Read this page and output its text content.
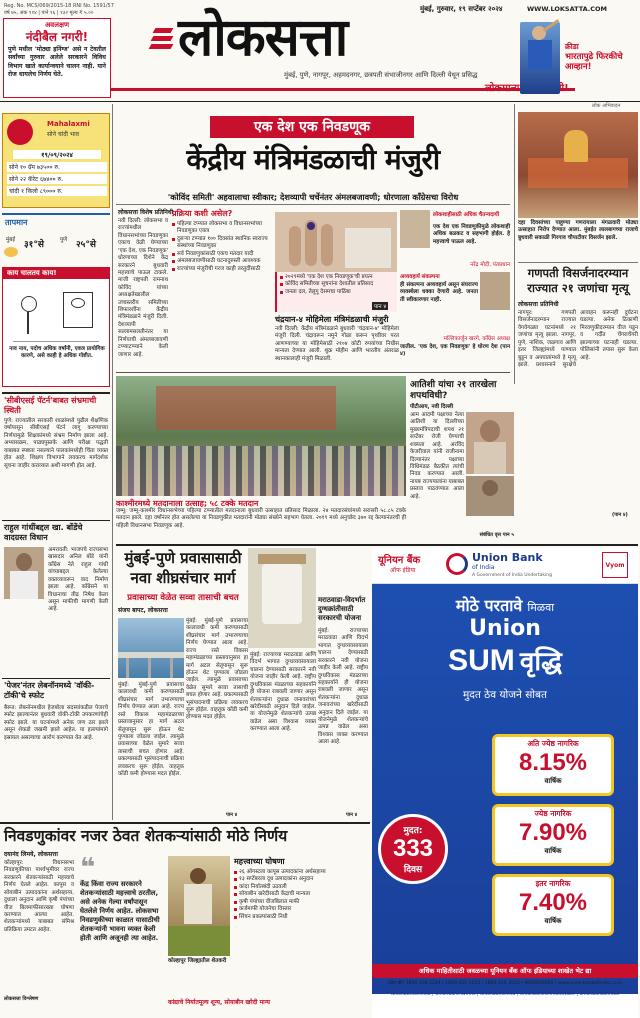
Reg. No. MCS/069/2015-18 RNI No. 1591/57
वर्ष ७५, अंक ११४ | पाने १६ | १३२ मूल्य ₹ ५.००	मुंबई, गुरुवार, १९ सप्टेंबर २०२४	WWW.LOKSATTA.COM
अवलक्षण
नंदीबैल नगरी!
पुणे मधील 'मोठ्या इनिंग्ज' असे न टेवतील सर्वांच्या गुरुवार अलेले सरकारने विविध विभाग खाते कार्यान्वयाने चालन नाही. याने रोज धायलेच निर्णय घेते.
लोकसत्ता
मुंबई, पुणे, नागपूर, अहमदनगर, छत्रपती संभाजीनगर आणि दिल्ली येथून प्रसिद्ध
क्रीडा
भारतापुढे फिरकीचे आव्हान!
लोक अभिवादन
Mahalaxmi
सोने चांदी भाव
१९/०९/२०२४
सोने १० ग्रॅम ७३५०० रु.
सोने २२ कॅरेट ६७४०० रु.
चांदी १ किलो ८९००० रु.
तापमान
मुंबई ३१°से	पुणे २५°से
काय चालतय काय!
नाव नाय, पदोच अधिक वर्षांनी, एकत्र प्रायोगिक कारणे, असे काही हे अधिक गोष्टीत.
'सीबीएसई पॅटर्न'बाबत संभ्रमाची स्थिती
पुणे: राज्यातील सरकारी शाळांमध्ये पुढील शैक्षणिक वर्षापासून सीबीएसई पॅटर्न लागू करण्याच्या निर्णयामुळे शिक्षकांमध्ये संभ्रम निर्माण झाला आहे. अभ्यासक्रम, पाठ्यपुस्तके आणि परीक्षा पद्धती याबाबत स्पष्टता नसल्याने पालकांमध्येही चिंता व्यक्त होत आहे. शिक्षण विभागाने लवकरच मार्गदर्शक सूचना जाहीर कराव्यात अशी मागणी होत आहे.
राहुल गांधींबद्दल खा. बोंडेंचे वादग्रस्त विधान
अमरावती: भाजपचे राज्यसभा खासदार अनिल बोंडे यांनी काँग्रेस नेते राहुल गांधी यांच्याबद्दल केलेल्या वक्तव्यावरून वाद निर्माण झाला आहे. काँग्रेसने या विधानाचा तीव्र निषेध केला असून माफीची मागणी केली आहे.
'पेजर'नंतर लेबनॉनमध्ये 'वॉकी-टॉकी'चे स्फोट
बैरूत: लेबनॉनमधील हेजबोला सदस्यांकडील पेजरचे स्फोट झाल्यानंतर बुधवारी वॉकी-टॉकी उपकरणांचेही स्फोट झाले. या घटनांमध्ये अनेक जण ठार झाले असून शेकडो जखमी झाले आहेत. या हल्ल्यांमागे इस्रायल असल्याचा आरोप करण्यात येत आहे.
एक देश एक निवडणूक
केंद्रीय मंत्रिमंडळाची मंजुरी
'कोविंद समिती' अहवालाचा स्वीकार; देशव्यापी चर्चेनंतर अंमलबजावणी; धोरणाला काँग्रेसचा विरोध
लोकसत्ता विशेष प्रतिनिधी
नवी दिल्ली: लोकसभा व राज्यांमधील विधानसभांच्या निवडणुका एकाच वेळी घेण्याच्या 'एक देश, एक निवडणूक' धोरणाच्या दिशेने केंद्र सरकारने बुधवारी महत्त्वाचे पाऊल टाकले. माजी राष्ट्रपती रामनाथ कोविंद यांच्या अध्यक्षतेखालील उच्चस्तरीय समितीच्या शिफारशींना केंद्रीय मंत्रिमंडळाने मंजुरी दिली. देशव्यापी सल्लामसलतीनंतर या निर्णयाची अंमलबजावणी टप्प्याटप्प्याने केली जाणार आहे.
प्रक्रिया कशी असेल?
पहिल्या टप्प्यात लोकसभा व विधानसभांच्या निवडणुका एकत्र
दुसऱ्या टप्प्यात १०० दिवसांत स्थानिक स्वराज्य संस्थांच्या निवडणुका
सर्व निवडणुकांसाठी एकच मतदार यादी
अंमलबजावणीसाठी घटनादुरुस्ती आवश्यक
राज्यांच्या मंजुरीची गरज काही तरतुदींसाठी
लोकशाहीसाठी अधिक चैतन्यदायी
एक देश एक निवडणुकीमुळे लोकशाही अधिक बळकट व सहभागी होईल. हे महत्त्वाचे पाऊल आहे.
नरेंद्र मोदी, पंतप्रधान
२०२९मध्ये 'एक देश एक निवडणूक'ची प्रयत्न
कोविंद समितीच्या सूचनांना देशातील प्रतिसाद
जनता दल, तेलुगू देसमचा पाठिंबा
पान ४
अव्यवहार्य संकल्पना
ही संकल्पना अव्यवहार्य असून संघराज्य व्यवस्थेला धक्का देणारी आहे. जनता ती स्वीकारणार नाही.
मल्लिकार्जुन खरगे, काँग्रेस अध्यक्ष
चंद्रयान-४ मोहिमेला मंत्रिमंडळाची मंजुरी
नवी दिल्ली: केंद्रीय मंत्रिमंडळाने बुधवारी 'चंद्रयान-४' मोहिमेला मंजुरी दिली. चंद्रावरून नमुने गोळा करून पृथ्वीवर परत आणण्याच्या या मोहिमेसाठी २१०४ कोटी रुपयांच्या निधीस मान्यता देण्यात आली. शुक्र मोहीम आणि भारतीय अंतराळ स्थानकालाही मंजुरी मिळाली.
जातील. 'एक देश, एक निवडणूक' हे धोरण देश (पान ४)
दहा दिवसांच्या पाहुण्या गणरायाला मंगळवारी मोठ्या उत्साहात निरोप देण्यात आला. मुंबईत लालबागच्या राजाचे बुधवारी सकाळी गिरगाव चौपाटीवर विसर्जन झाले.
गणपती विसर्जनादरम्यान राज्यात २१ जणांचा मृत्यू
लोकसत्ता प्रतिनिधी
नागपूर: गणपती विसर्जनादरम्यान राज्यात वेगवेगळ्या घटनांमध्ये २१ जणांचा मृत्यू झाला. नागपूर, पुणे, नाशिक, जळगाव आणि इतर जिल्ह्यांमध्ये पाण्यात बुडून व अपघातांमध्ये हे मृत्यू झाले. प्रशासनाने सुरक्षेचे आवाहन करूनही दुर्घटना घडल्या. अनेक ठिकाणी मिरवणुकीदरम्यान वीज पडून व गर्दीत चेंगराचेंगरी झाल्याच्या घटनाही घडल्या. पोलिसांनी तपास सुरू केला आहे.
(पान ४)
काश्मीरमध्ये मतदानाला उत्साह; ५८ टक्के मतदान
जम्मू: जम्मू-काश्मीर विधानसभेच्या पहिल्या टप्प्यातील मतदानाला बुधवारी उत्साहात प्रतिसाद मिळाला. २४ मतदारसंघांमध्ये सरासरी ५८.८५ टक्के मतदान झाले. दहा वर्षांनंतर होत असलेल्या या निवडणुकीत मतदारांनी मोठ्या संख्येने सहभाग घेतला. २०१९ मध्ये अनुच्छेद ३७० रद्द केल्यानंतरची ही पहिली विधानसभा निवडणूक आहे.
आतिशी यांचा २१ तारखेला शपथविधी?
पीटीआय, नवी दिल्ली
आम आदमी पक्षाच्या नेत्या आतिशी या दिल्लीच्या मुख्यमंत्रिपदाची शपथ २१ सप्टेंबर रोजी घेण्याची शक्यता आहे. अरविंद केजरीवाल यांनी राजीनामा दिल्यानंतर पक्षाच्या विधिमंडळ बैठकीत त्यांची निवड करण्यात आली. नायब राज्यपालांना याबाबत प्रस्ताव पाठवण्यात आला आहे.
संबंधित वृत्त पान ५
मुंबई-पुणे प्रवासासाठी नवा शीघ्रसंचार मार्ग
प्रवासाच्या वेळेत सव्वा तासाची बचत
संजय बापट, लोकसत्ता
मुंबई: मुंबई-पुणे प्रवासाचा कालावधी कमी करण्यासाठी शीघ्रसंचार मार्ग उभारण्याचा निर्णय घेण्यात आला आहे. राज्य रस्ते विकास महामंडळाच्या प्रस्तावानुसार हा मार्ग अटल सेतूपासून सुरू होऊन थेट पुण्याला जोडला जाईल. त्यामुळे प्रवासाच्या वेळेत सुमारे सव्वा तासाची बचत होणार आहे. प्रकल्पासाठी भूसंपादनाची प्रक्रिया लवकरच सुरू होईल. वाहतूक कोंडी कमी होण्यास मदत होईल.
मुंबई: मुंबई-पुणे प्रवासाचा कालावधी कमी करण्यासाठी शीघ्रसंचार मार्ग उभारण्याचा निर्णय घेण्यात आला आहे. राज्य रस्ते विकास महामंडळाच्या प्रस्तावानुसार हा मार्ग अटल सेतूपासून सुरू होऊन थेट पुण्याला जोडला जाईल. त्यामुळे प्रवासाच्या वेळेत सुमारे सव्वा तासाची बचत होणार आहे. प्रकल्पासाठी भूसंपादनाची प्रक्रिया लवकरच सुरू होईल. वाहतूक कोंडी कमी होण्यास मदत होईल.
पान ४
मराठवाडा-विदर्भात दुग्धक्रांतीसाठी सरकारची योजना
मुंबई: राज्याच्या मराठवाडा आणि विदर्भ भागात दुग्धव्यवसायाला चालना देण्यासाठी सरकारने नवी योजना जाहीर केली आहे. राष्ट्रीय दुग्धविकास मंडळाच्या सहकार्याने ही योजना राबवली जाणार असून शेतकऱ्यांना दुधाळ जनावरांच्या खरेदीसाठी अनुदान दिले जाईल. या योजनेमुळे शेतकऱ्यांचे उत्पन्न वाढेल असा विश्वास व्यक्त करण्यात आला आहे.
मुंबई: राज्याच्या मराठवाडा आणि विदर्भ भागात दुग्धव्यवसायाला चालना देण्यासाठी सरकारने नवी योजना जाहीर केली आहे. राष्ट्रीय दुग्धविकास मंडळाच्या सहकार्याने ही योजना राबवली जाणार असून शेतकऱ्यांना दुधाळ जनावरांच्या खरेदीसाठी अनुदान दिले जाईल. या योजनेमुळे शेतकऱ्यांचे उत्पन्न वाढेल असा विश्वास व्यक्त करण्यात आला आहे.
पान ४
यूनियन बैंक
ऑफ इंडिया
Union Bank
of India
A Government of India Undertaking
Vyom
मोठे परतावे मिळवा
Union
SUM वृद्धि
मुदत ठेव योजने सोबत
मुदत:
333
दिवस
अति ज्येष्ठ नागरिक
8.15%
वार्षिक
ज्येष्ठ नागरिक
7.90%
वार्षिक
इतर नागरिक
7.40%
वार्षिक
अधिक माहितीसाठी जवळच्या यूनियन बँक ऑफ इंडियाच्या शाखेत भेट द्या
(टोल फ्री) 1800 208 2244 / 1800 425 1515 / 1800 425 3555 | 9666606060 | www.unionbankofindia.co.in
unionbankofindia | UnionBankTweets | unionbankinsta | UnionBankOfIndiaUtube | unionbankofindia
निवडणुकांवर नजर ठेवत शेतकऱ्यांसाठी मोठे निर्णय
दयानंद लिमये, लोकसत्ता
कोल्हापूर: विधानसभा निवडणुकीच्या पार्श्वभूमीवर राज्य सरकारने शेतकऱ्यांसाठी महत्त्वाचे निर्णय घेतले आहेत. कापूस व सोयाबीन उत्पादकांना अर्थसहाय्य, दुधाला अनुदान आणि कृषी पंपांच्या वीज बिलमाफीसारख्या घोषणा करण्यात आल्या आहेत. शेतकऱ्यांमध्ये याबाबत संमिश्र प्रतिक्रिया उमटत आहेत.
लोकसत्ता विश्लेषण
❝
केंद्र किंवा राज्य सरकारने शेतकऱ्यांसाठी महत्त्वाचे ठरतील, असे अनेक गेल्या वर्षांपासून घेतलेले निर्णय आहेत. लोकसभा निवडणुकीच्या काळात यासाठीची शेतकऱ्यांनी भावना व्यक्त केली होती आणि अजूनही त्या आहेत.
कोल्हापूर जिल्ह्यातील शेतकरी
महत्त्वाच्या घोषणा
२६ ऑगस्टला कापूस उत्पादकांना अर्थसहाय्य
१३ सप्टेंबरला दूध उत्पादकांना अनुदान
कांदा निर्यातबंदी उठवली
सोयाबीन खरेदीसाठी केंद्राची मान्यता
कृषी पंपांच्या वीजबिलात माफी
कर्जमाफी योजनेचा विस्तार
सिंचन प्रकल्पांसाठी निधी
कांद्याचे निर्यातमूल्य शून्य, सोयाबीन खरेदी मान्य
